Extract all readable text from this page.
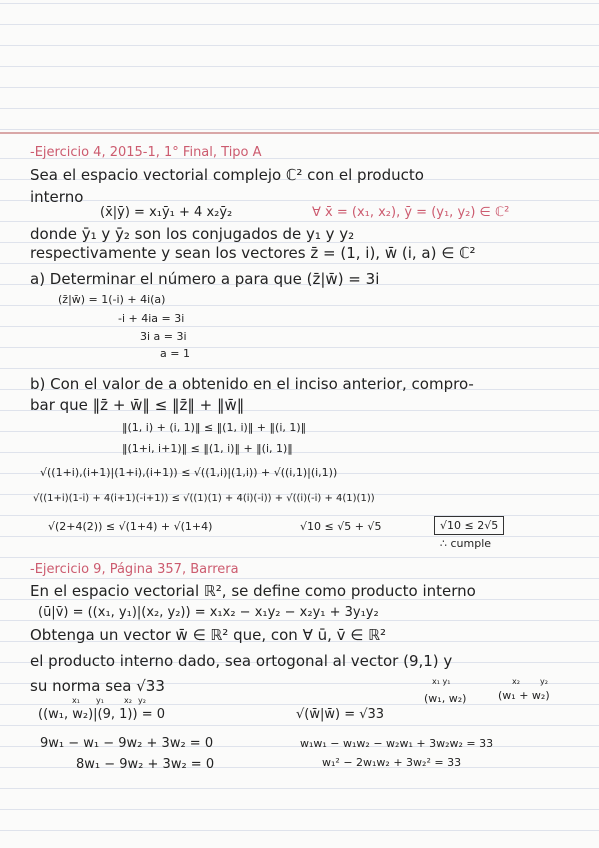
-Ejercicio 4, 2015-1, 1° Final, Tipo A
Sea el espacio vectorial complejo ℂ² con el producto
interno
(x̄|ȳ) = x₁ȳ₁ + 4 x₂ȳ₂	∀ x̄ = (x₁, x₂), ȳ = (y₁, y₂) ∈ ℂ²
donde ȳ₁ y ȳ₂ son los conjugados de y₁ y y₂
respectivamente y sean los vectores z̄ = (1, i), w̄ (i, a) ∈ ℂ²
a) Determinar el número a para que (z̄|w̄) = 3i
(z̄|w̄) = 1(-i) + 4i(a)
-i + 4ia = 3i
3i a = 3i
a = 1
b) Con el valor de a obtenido en el inciso anterior, compro-
bar que ‖z̄ + w̄‖ ≤ ‖z̄‖ + ‖w̄‖
‖(1, i) + (i, 1)‖ ≤ ‖(1, i)‖ + ‖(i, 1)‖
‖(1+i, i+1)‖ ≤ ‖(1, i)‖ + ‖(i, 1)‖
√((1+i),(i+1)|(1+i),(i+1)) ≤ √((1,i)|(1,i)) + √((i,1)|(i,1))
√((1+i)(1-i) + 4(i+1)(-i+1)) ≤ √((1)(1) + 4(i)(-i)) + √((i)(-i) + 4(1)(1))
√(2+4(2)) ≤ √(1+4) + √(1+4)	√10 ≤ √5 + √5	√10 ≤ 2√5
∴ cumple
-Ejercicio 9, Página 357, Barrera
En el espacio vectorial ℝ², se define como producto interno
(ū|v̄) = ((x₁, y₁)|(x₂, y₂)) = x₁x₂ − x₁y₂ − x₂y₁ + 3y₁y₂
Obtenga un vector w̄ ∈ ℝ² que, con ∀ ū, v̄ ∈ ℝ²
el producto interno dado, sea ortogonal al vector (9,1) y
su norma sea √33
x₁ y₁	x₂ y₂
((w₁, w₂)|(9, 1)) = 0	√(w̄|w̄) = √33
x₁ y₁	x₂	y₂
(w₁, w₂)	(w₁ + w₂)
9w₁ − w₁ − 9w₂ + 3w₂ = 0
8w₁ − 9w₂ + 3w₂ = 0
w₁w₁ − w₁w₂ − w₂w₁ + 3w₂w₂ = 33
w₁² − 2w₁w₂ + 3w₂² = 33
